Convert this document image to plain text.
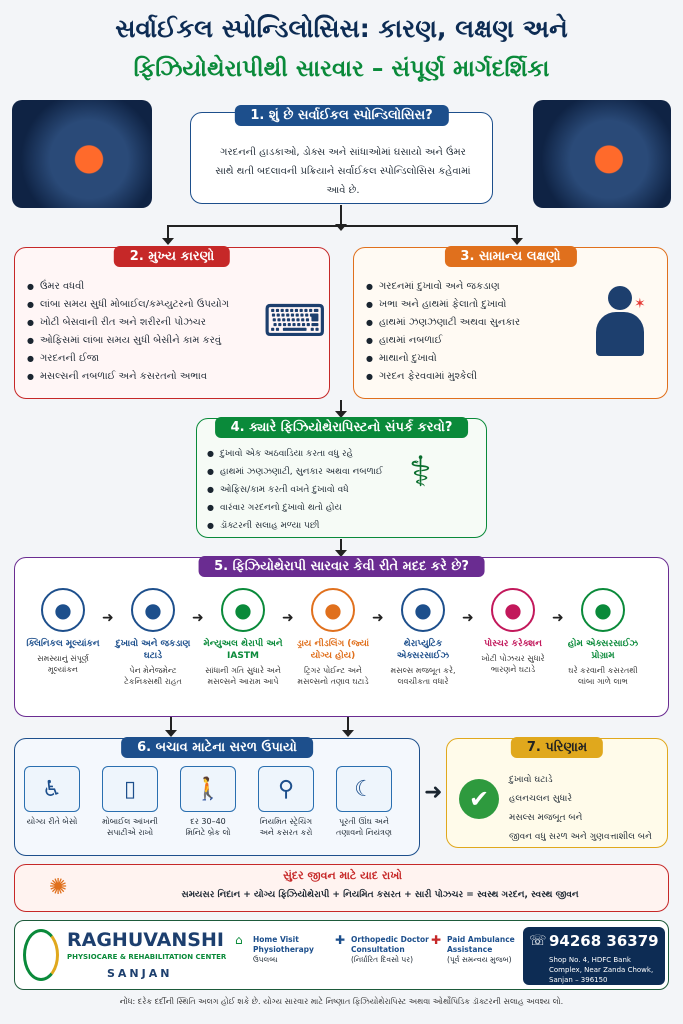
સર્વાઈકલ સ્પોન્ડિલોસિસ: કારણ, લક્ષણ અને
ફિઝિયોથેરાપીથી સારવાર – સંપૂર્ણ માર્ગદર્શિકા
1. શું છે સર્વાઈકલ સ્પોન્ડિલોસિસ?
ગરદનની હાડકાઓ, ડોક્સ અને સાંધાઓમાં ઘસાયો અને ઉંમર સાથે થતી બદલાવની પ્રક્રિયાને સર્વાઈકલ સ્પોન્ડિલોસિસ કહેવામાં આવે છે.
2. મુખ્ય કારણો
● ઉંમર વધવી
● લાંબા સમય સુધી મોબાઈલ/કમ્પ્યુટરનો ઉપયોગ
● ખોટી બેસવાની રીત અને શરીરની પોઝચર
● ઓફિસમાં લાંબા સમય સુધી બેસીને કામ કરવું
● ગરદનની ઈજા
● મસલ્સની નબળાઈ અને કસરતનો અભાવ
⌨
3. સામાન્ય લક્ષણો
● ગરદનમાં દુખાવો અને જકડાણ
● ખભા અને હાથમાં ફેલાતો દુખાવો
● હાથમાં ઝણઝણાટી અથવા સુનકાર
● હાથમાં નબળાઈ
● માથાનો દુખાવો
● ગરદન ફેરવવામાં મુશ્કેલી
✶
4. ક્યારે ફિઝિયોથેરાપિસ્ટનો સંપર્ક કરવો?
● દુખાવો એક અઠવાડિયા કરતા વધુ રહે
● હાથમાં ઝણઝણાટી, સુનકાર અથવા નબળાઈ
● ઓફિસ/કામ કરતી વખતે દુખાવો વધે
● વારંવાર ગરદનનો દુખાવો થતો હોય
● ડૉક્ટરની સલાહ મળ્યા પછી
⚕
5. ફિઝિયોથેરાપી સારવાર કેવી રીતે મદદ કરે છે?
●
ક્લિનિકલ મૂલ્યાંકન
સમસ્યાનું સંપૂર્ણ મૂલ્યાંકન
➜	●
દુખાવો અને જકડાણ ઘટાડે
પેન મેનેજમેન્ટ ટેકનિક્સથી રાહત
➜	●
મેન્યુઅલ થેરાપી અને IASTM
સાંધાની ગતિ સુધારે અને મસલ્સને આરામ આપે
➜	●
ડ્રાય નીડલિંગ (જ્યાં યોગ્ય હોય)
ટ્રિગર પોઈન્ટ અને મસલ્સનો તણાવ ઘટાડે
➜	●
થેરાપ્યુટિક એક્સરસાઈઝ
મસલ્સ મજબૂત કરે, લવચીકતા વધારે
➜	●
પોસ્ચર કરેક્શન
ખોટી પોઝચર સુધારે ભારણને ઘટાડે
➜	●
હોમ એક્સરસાઈઝ પ્રોગ્રામ
ઘરે કરવાની કસરતથી લાંબા ગાળે લાભ
6. બચાવ માટેના સરળ ઉપાયો
♿
યોગ્ય રીતે બેસો
▯
મોબાઈલ આંખની સપાટીએ રાખો
🚶
દર 30–40 મિનિટે બ્રેક લો
⚲
નિયમિત સ્ટ્રેચિંગ અને કસરત કરો
☾
પૂરતી ઊંઘ અને તણાવનો નિયંત્રણ
➜
7. પરિણામ
✔
દુખાવો ઘટાડે
હલનચલન સુધારે
મસલ્સ મજબૂત બને
જીવન વધુ સરળ અને ગુણવત્તાશીલ બને
✺	સુંદર જીવન માટે યાદ રાખો
સમયસર નિદાન + યોગ્ય ફિઝિયોથેરાપી + નિયમિત કસરત + સારી પોઝચર = સ્વસ્થ ગરદન, સ્વસ્થ જીવન
RAGHUVANSHI
PHYSIOCARE & REHABILITATION CENTER
SANJAN
⌂ Home Visit Physiotherapy
ઉપલબ્ધ
✚ Orthopedic Doctor Consultation
(નિર્ધારિત દિવસો પર)
✚ Paid Ambulance Assistance
(પૂર્વ સમન્વય મુજબ)
☏ 94268 36379
Shop No. 4, HDFC Bank Complex, Near Zanda Chowk, Sanjan – 396150
નોંધ: દરેક દર્દીની સ્થિતિ અલગ હોઈ શકે છે. યોગ્ય સારવાર માટે નિષ્ણાત ફિઝિયોથેરાપિસ્ટ અથવા ઓર્થોપિડિક ડૉક્ટરની સલાહ અવશ્ય લો.
